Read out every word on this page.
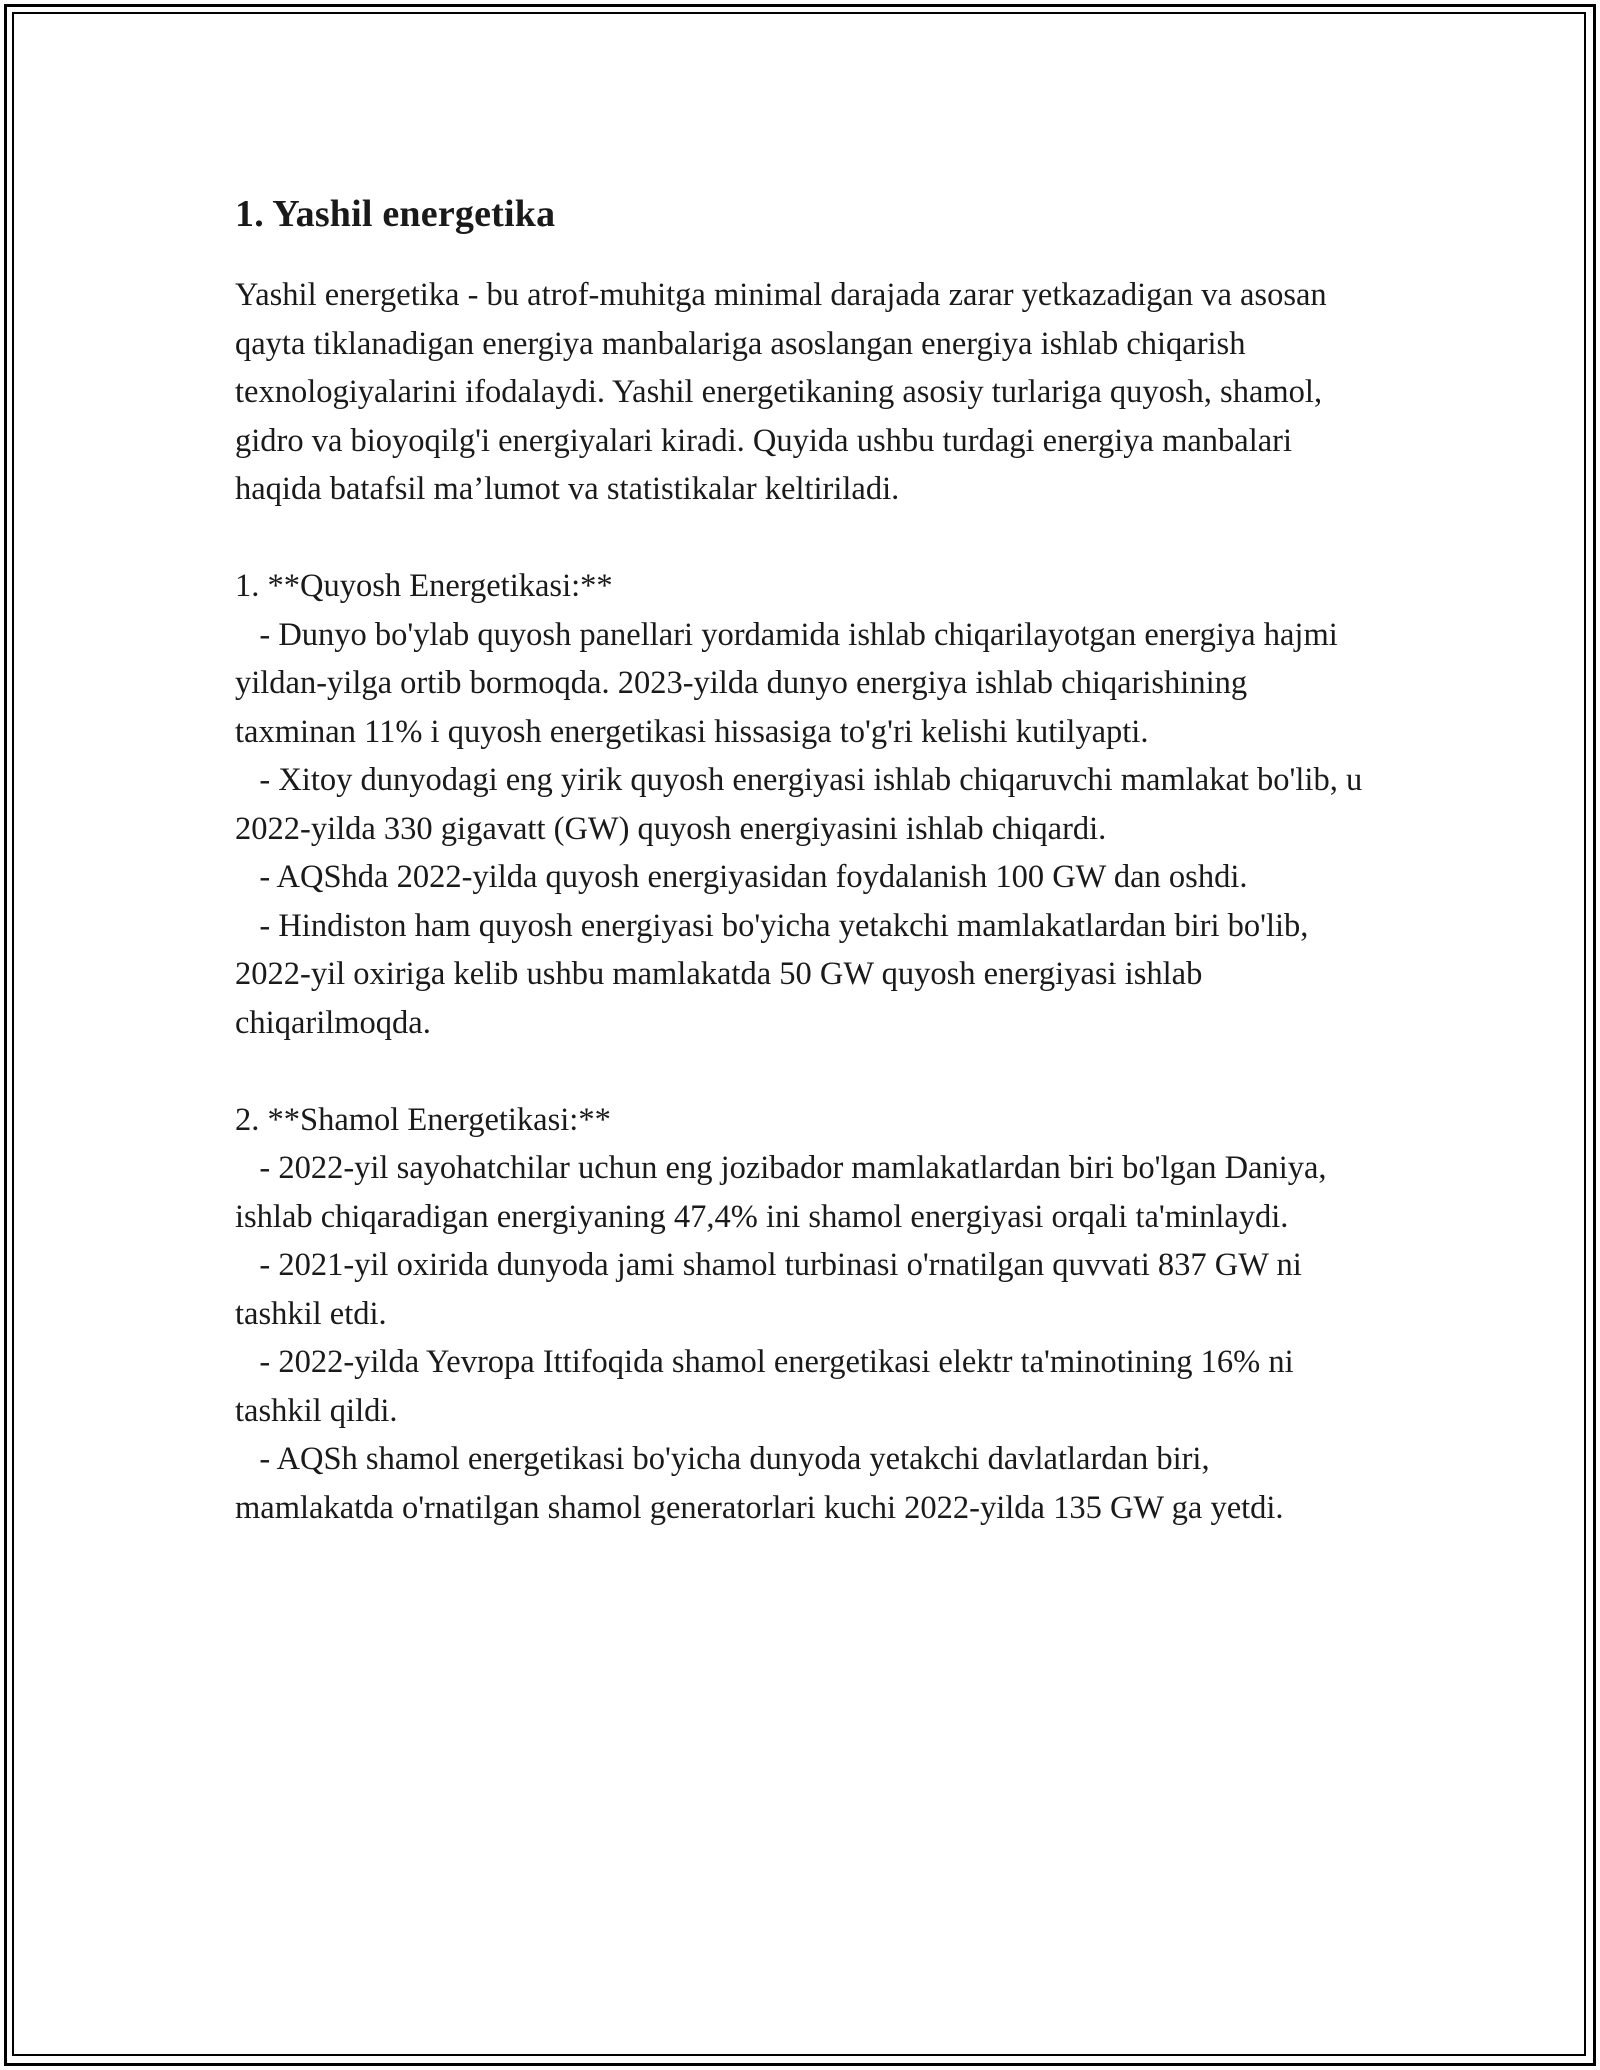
1. Yashil energetika

Yashil energetika - bu atrof-muhitga minimal darajada zarar yetkazadigan va asosan qayta tiklanadigan energiya manbalariga asoslangan energiya ishlab chiqarish texnologiyalarini ifodalaydi. Yashil energetikaning asosiy turlariga quyosh, shamol, gidro va bioyoqilg'i energiyalari kiradi. Quyida ushbu turdagi energiya manbalari haqida batafsil ma’lumot va statistikalar keltiriladi.

1. **Quyosh Energetikasi:**

- Dunyo bo'ylab quyosh panellari yordamida ishlab chiqarilayotgan energiya hajmi yildan-yilga ortib bormoqda. 2023-yilda dunyo energiya ishlab chiqarishining taxminan 11% i quyosh energetikasi hissasiga to'g'ri kelishi kutilyapti.

- Xitoy dunyodagi eng yirik quyosh energiyasi ishlab chiqaruvchi mamlakat bo'lib, u 2022-yilda 330 gigavatt (GW) quyosh energiyasini ishlab chiqardi.

- AQShda 2022-yilda quyosh energiyasidan foydalanish 100 GW dan oshdi.

- Hindiston ham quyosh energiyasi bo'yicha yetakchi mamlakatlardan biri bo'lib, 2022-yil oxiriga kelib ushbu mamlakatda 50 GW quyosh energiyasi ishlab chiqarilmoqda.

2. **Shamol Energetikasi:**

- 2022-yil sayohatchilar uchun eng jozibador mamlakatlardan biri bo'lgan Daniya, ishlab chiqaradigan energiyaning 47,4% ini shamol energiyasi orqali ta'minlaydi.

- 2021-yil oxirida dunyoda jami shamol turbinasi o'rnatilgan quvvati 837 GW ni tashkil etdi.

- 2022-yilda Yevropa Ittifoqida shamol energetikasi elektr ta'minotining 16% ni tashkil qildi.

- AQSh shamol energetikasi bo'yicha dunyoda yetakchi davlatlardan biri, mamlakatda o'rnatilgan shamol generatorlari kuchi 2022-yilda 135 GW ga yetdi.
